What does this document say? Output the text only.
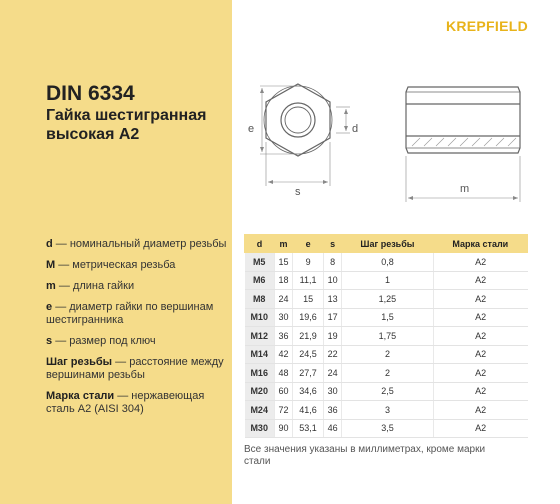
KREPFIELD
DIN 6334
Гайка шестигранная высокая А2
d — номинальный диаметр резьбы
M — метрическая резьба
m — длина гайки
e — диаметр гайки по вершинам шестигранника
s — размер под ключ
Шаг резьбы — расстояние между вершинами резьбы
Марка стали — нержавеющая сталь А2 (AISI 304)
e	d
s	m
d	m	e	s	Шаг резьбы	Марка стали
M5	15	9	8	0,8	A2
M6	18	11,1	10	1	A2
M8	24	15	13	1,25	A2
M10	30	19,6	17	1,5	A2
M12	36	21,9	19	1,75	A2
M14	42	24,5	22	2	A2
M16	48	27,7	24	2	A2
M20	60	34,6	30	2,5	A2
M24	72	41,6	36	3	A2
M30	90	53,1	46	3,5	A2
Все значения указаны в миллиметрах, кроме марки стали
